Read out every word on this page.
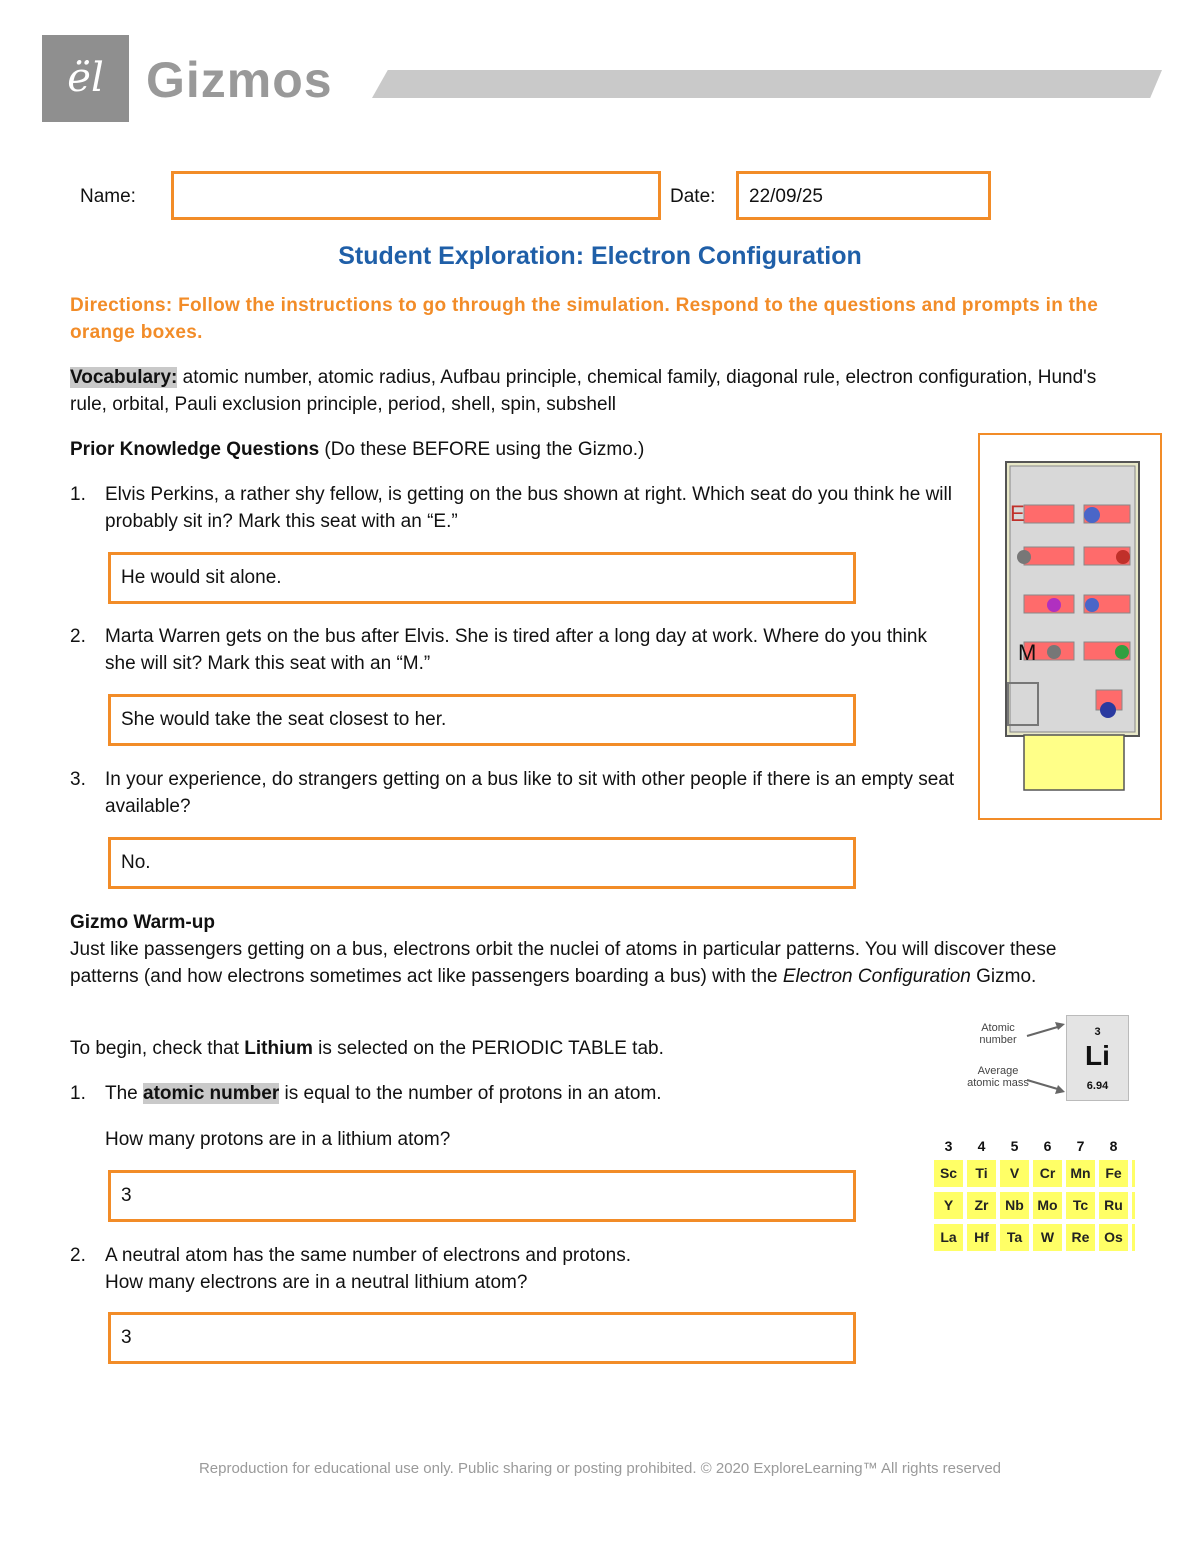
ël Gizmos
Name:	Date:	22/09/25
Student Exploration: Electron Configuration
Directions: Follow the instructions to go through the simulation. Respond to the questions and prompts in the orange boxes.
Vocabulary: atomic number, atomic radius, Aufbau principle, chemical family, diagonal rule, electron configuration, Hund's rule, orbital, Pauli exclusion principle, period, shell, spin, subshell
Prior Knowledge Questions (Do these BEFORE using the Gizmo.)
1. Elvis Perkins, a rather shy fellow, is getting on the bus shown at right. Which seat do you think he will probably sit in? Mark this seat with an “E.”
He would sit alone.
2. Marta Warren gets on the bus after Elvis. She is tired after a long day at work. Where do you think she will sit? Mark this seat with an “M.”
She would take the seat closest to her.
3. In your experience, do strangers getting on a bus like to sit with other people if there is an empty seat available?
No.
E
M
Gizmo Warm-up
Just like passengers getting on a bus, electrons orbit the nuclei of atoms in particular patterns. You will discover these patterns (and how electrons sometimes act like passengers boarding a bus) with the Electron Configuration Gizmo.
To begin, check that Lithium is selected on the PERIODIC TABLE tab.
1. The atomic number is equal to the number of protons in an atom.
How many protons are in a lithium atom?
3
2. A neutral atom has the same number of electrons and protons.
How many electrons are in a neutral lithium atom?
3
Atomic number
Average atomic mass
3
Li
6.94
3	4	5	6	7	8
Sc	Ti	V	Cr	Mn	Fe
Y	Zr	Nb Mo	Tc	Ru
La	Hf	Ta	W	Re	Os
Reproduction for educational use only. Public sharing or posting prohibited. © 2020 ExploreLearning™ All rights reserved
